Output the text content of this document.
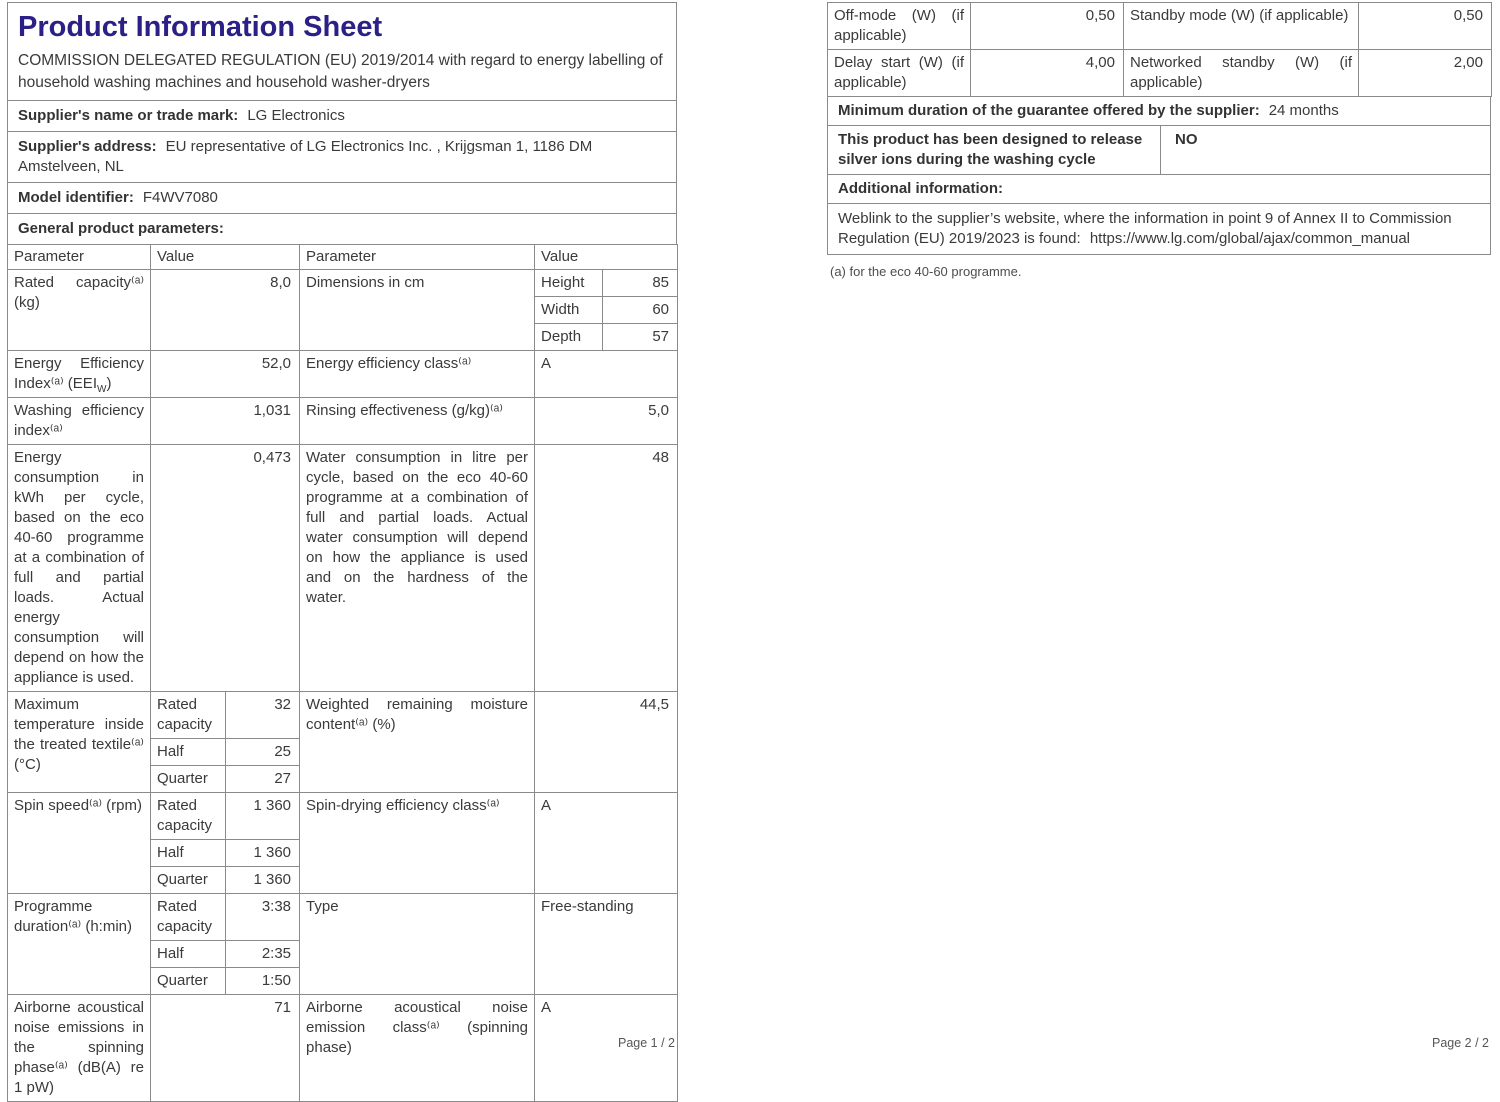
Product Information Sheet

COMMISSION DELEGATED REGULATION (EU) 2019/2014 with regard to energy labelling of household washing machines and household washer-dryers

Supplier's name or trade mark: LG Electronics
Supplier's address: EU representative of LG Electronics Inc. , Krijgsman 1, 1186 DM Amstelveen, NL
Model identifier: F4WV7080
General product parameters:
Parameter	Value		Parameter	Value	
Rated capacity⁽ᵃ⁾ (kg)	8,0		Dimensions in cm	Height	85
				Width	60
				Depth	57
Energy Efficiency Index⁽ᵃ⁾ $(EEI_W)$	52,0		Energy efficiency class⁽ᵃ⁾	A	
Washing efficiency index⁽ᵃ⁾	1,031		Rinsing effectiveness (g/kg)⁽ᵃ⁾	5,0	
Energy consumption in kWh per cycle, based on the eco 40-60 programme at a combination of full and partial loads. Actual energy consumption will depend on how the appliance is used.	0,473		Water consumption in litre per cycle, based on the eco 40-60 programme at a combination of full and partial loads. Actual water consumption will depend on how the appliance is used and on the hardness of the water.	48	
Maximum temperature inside the treated textile⁽ᵃ⁾ (°C)	Rated capacity	32	Weighted remaining moisture content⁽ᵃ⁾ (%)	44,5	
	Half	25			
	Quarter	27			
Spin speed⁽ᵃ⁾ (rpm)	Rated capacity	1 360	Spin-drying efficiency class⁽ᵃ⁾	A	
	Half	1 360			
	Quarter	1 360			
Programme duration⁽ᵃ⁾ (h:min)	Rated capacity	3:38	Type	Free-standing	
	Half	2:35			
	Quarter	1:50			
Airborne acoustical noise emissions in the spinning phase⁽ᵃ⁾ (dB(A) re 1 pW)	71		Airborne acoustical noise emission class⁽ᵃ⁾ (spinning phase)	A	
Page 1 / 2
Off-mode (W) (if applicable)	0,50	Standby mode (W) (if applicable)	0,50
Delay start (W) (if applicable)	4,00	Networked standby (W) (if applicable)	2,00
Minimum duration of the guarantee offered by the supplier: 24 months
This product has been designed to release silver ions during the washing cycle
NO
Additional information:
Weblink to the supplier’s website, where the information in point 9 of Annex II to Commission Regulation (EU) 2019/2023 is found: https://www.lg.com/global/ajax/common_manual
(a) for the eco 40-60 programme.
Page 2 / 2
